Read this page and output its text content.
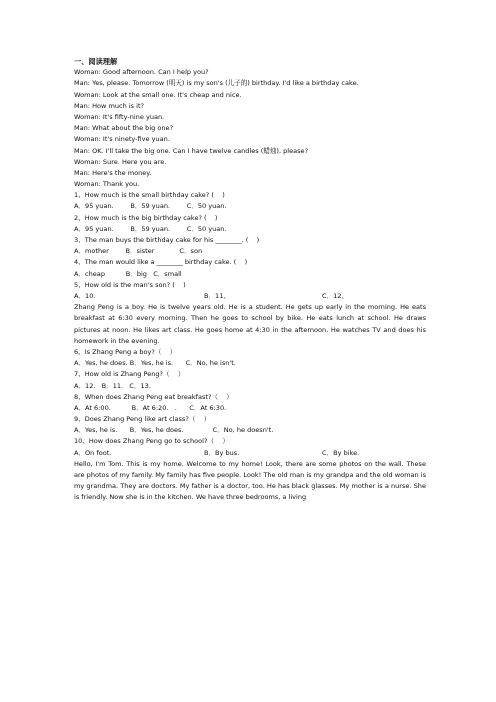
一、阅读理解
Woman: Good afternoon. Can I help you?
Man: Yes, please. Tomorrow (明天) is my son's (儿子的) birthday. I'd like a birthday cake.
Woman: Look at the small one. It's cheap and nice.
Man: How much is it?
Woman: It's fifty-nine yuan.
Man: What about the big one?
Woman: It's ninety-five yuan.
Man: OK. I'll take the big one. Can I have twelve candles (蜡烛), please?
Woman: Sure. Here you are.
Man: Here's the money.
Woman: Thank you.
1、How much is the small birthday cake? (    )
A．95 yuan.        B．59 yuan.        C．50 yuan.
2、How much is the big birthday cake? (    )
A．95 yuan.        B．59 yuan.        C．50 yuan.
3、The man buys the birthday cake for his ________. (    )
A．mother        B．sister            C．son
4、The man would like a ________ birthday cake. (    )
A．cheap          B．big   C．small
5、How old is the man's son? (    )
A．10.	B．11、	C．12、
Zhang Peng is a boy. He is twelve years old. He is a student. He gets up early in the morning. He eats breakfast at 6:30 every morning. Then he goes to school by bike. He eats lunch at school. He draws pictures at noon. He likes art class. He goes home at 4:30 in the afternoon. He watches TV and does his homework in the evening.
6、Is Zhang Peng a boy?（    ）
A．Yes, he does. B．Yes, he is.      C．No, he isn't.
7、How old is Zhang Peng?（    ）
A．12.   B．11.   C．13.
8、When does Zhang Peng eat breakfast?（    ）
A．At 6:00.          B．At 6:20.   .      C．At 6:30.
9、Does Zhang Peng like art class?（    ）
A．Yes, he is.      B．Yes, he does.              C．No, he doesn't.
10、How does Zhang Peng go to school?（    ）
A．On foot.	B．By bus.	C．By bike.
Hello, I'm Tom. This is my home. Welcome to my home! Look, there are some photos on the wall. These are photos of my family. My family has five people. Look! The old man is my grandpa and the old woman is my grandma. They are doctors. My father is a doctor, too. He has black glasses. My mother is a nurse. She is friendly. Now she is in the kitchen. We have three bedrooms, a living
